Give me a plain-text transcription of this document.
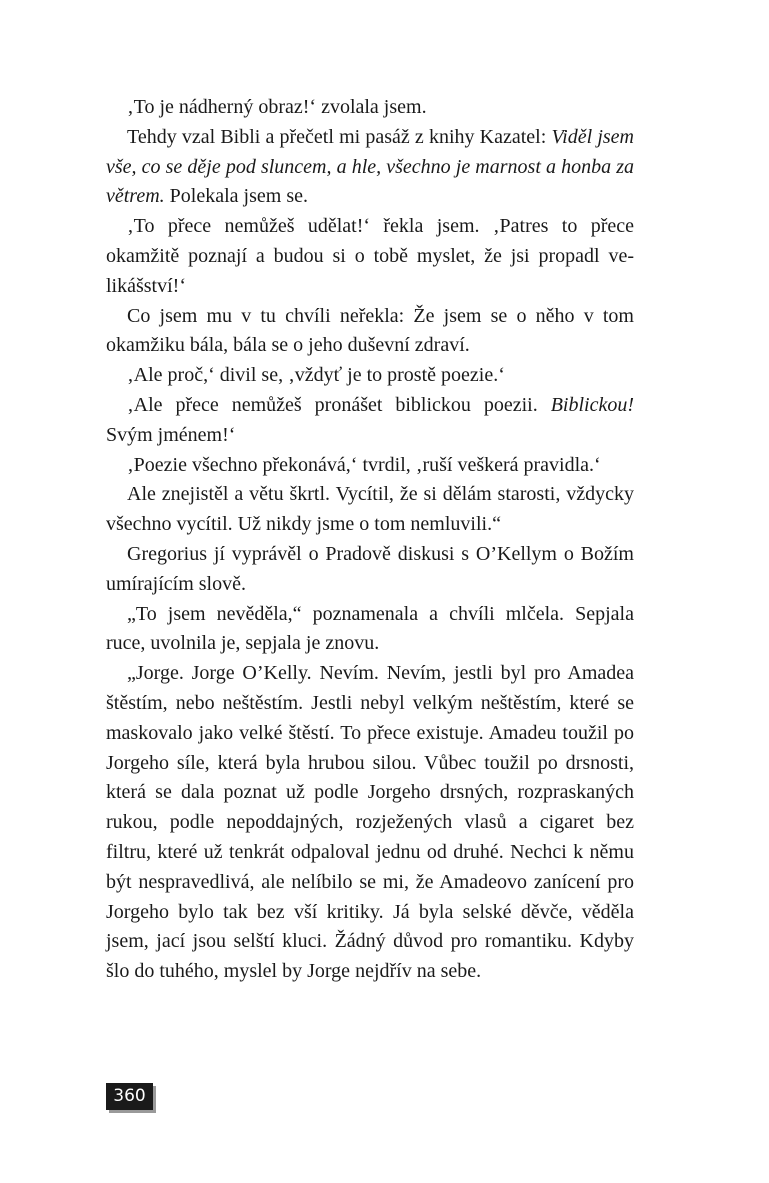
‚To je nádherný obraz!‘ zvolala jsem.

Tehdy vzal Bibli a přečetl mi pasáž z knihy Kazatel: Viděl jsem vše, co se děje pod sluncem, a hle, všechno je marnost a honba za větrem. Polekala jsem se.

‚To přece nemůžeš udělat!‘ řekla jsem. ‚Patres to přece okamžitě poznají a budou si o tobě myslet, že jsi propadl velikášství!‘

Co jsem mu v tu chvíli neřekla: Že jsem se o něho v tom okamžiku bála, bála se o jeho duševní zdraví.

‚Ale proč,‘ divil se, ‚vždyť je to prostě poezie.‘

‚Ale přece nemůžeš pronášet biblickou poezii. Biblickou! Svým jménem!‘

‚Poezie všechno překonává,‘ tvrdil, ‚ruší veškerá pravidla.‘

Ale znejistěl a větu škrtl. Vycítil, že si dělám starosti, vždycky všechno vycítil. Už nikdy jsme o tom nemluvili.“

Gregorius jí vyprávěl o Pradově diskusi s O’Kellym o Božím umírajícím slově.

„To jsem nevěděla,“ poznamenala a chvíli mlčela. Sepjala ruce, uvolnila je, sepjala je znovu.

„Jorge. Jorge O’Kelly. Nevím. Nevím, jestli byl pro Amadea štěstím, nebo neštěstím. Jestli nebyl velkým neštěstím, které se maskovalo jako velké štěstí. To přece existuje. Amadeu toužil po Jorgeho síle, která byla hrubou silou. Vůbec toužil po drsnosti, která se dala poznat už podle Jorgeho drsných, rozpraskaných rukou, podle nepoddajných, rozježených vlasů a cigaret bez filtru, které už tenkrát odpaloval jednu od druhé. Nechci k němu být nespravedlivá, ale nelíbilo se mi, že Amadeovo zanícení pro Jorgeho bylo tak bez vší kritiky. Já byla selské děvče, věděla jsem, jací jsou selští kluci. Žádný důvod pro romantiku. Kdyby šlo do tuhého, myslel by Jorge nejdřív na sebe.

360
